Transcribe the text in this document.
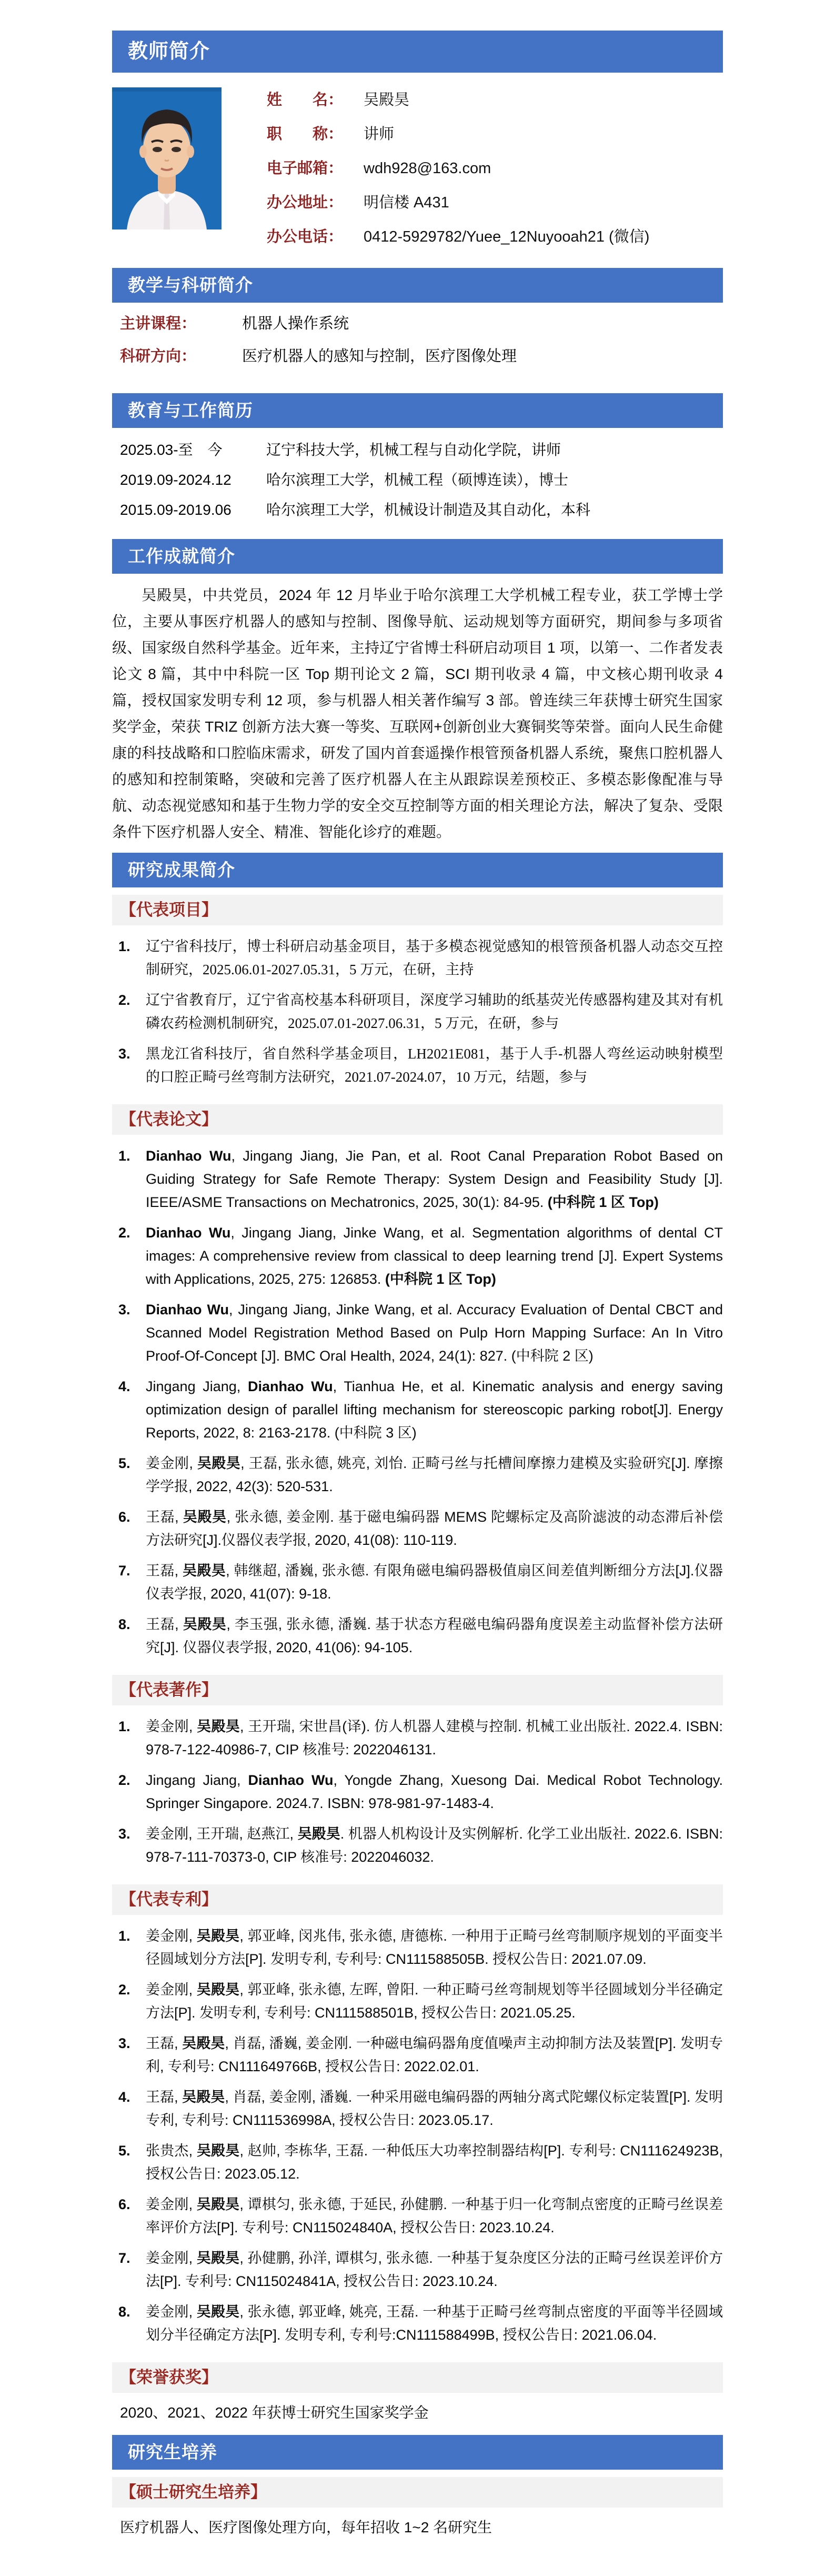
教师简介
姓　　名：	吴殿昊
职　　称：	讲师
电子邮箱：	wdh928@163.com
办公地址：	明信楼 A431
办公电话：	0412-5929782/Yuee_12Nuyooah21 (微信)
教学与科研简介
主讲课程：	机器人操作系统
科研方向：	医疗机器人的感知与控制，医疗图像处理
教育与工作简历
2025.03-至　今	辽宁科技大学，机械工程与自动化学院，讲师
2019.09-2024.12	哈尔滨理工大学，机械工程（硕博连读），博士
2015.09-2019.06	哈尔滨理工大学，机械设计制造及其自动化，本科
工作成就简介

吴殿昊，中共党员，2024 年 12 月毕业于哈尔滨理工大学机械工程专业，获工学博士学位，主要从事医疗机器人的感知与控制、图像导航、运动规划等方面研究，期间参与多项省级、国家级自然科学基金。近年来，主持辽宁省博士科研启动项目 1 项，以第一、二作者发表论文 8 篇，其中中科院一区 Top 期刊论文 2 篇，SCI 期刊收录 4 篇，中文核心期刊收录 4 篇，授权国家发明专利 12 项，参与机器人相关著作编写 3 部。曾连续三年获博士研究生国家奖学金，荣获 TRIZ 创新方法大赛一等奖、互联网+创新创业大赛铜奖等荣誉。面向人民生命健康的科技战略和口腔临床需求，研发了国内首套遥操作根管预备机器人系统，聚焦口腔机器人的感知和控制策略，突破和完善了医疗机器人在主从跟踪误差预校正、多模态影像配准与导航、动态视觉感知和基于生物力学的安全交互控制等方面的相关理论方法，解决了复杂、受限条件下医疗机器人安全、精准、智能化诊疗的难题。

研究成果简介
【代表项目】
1. 辽宁省科技厅，博士科研启动基金项目，基于多模态视觉感知的根管预备机器人动态交互控制研究，2025.06.01-2027.05.31，5 万元，在研，主持
2. 辽宁省教育厅，辽宁省高校基本科研项目，深度学习辅助的纸基荧光传感器构建及其对有机磷农药检测机制研究，2025.07.01-2027.06.31，5 万元，在研，参与
3. 黑龙江省科技厅，省自然科学基金项目，LH2021E081，基于人手-机器人弯丝运动映射模型的口腔正畸弓丝弯制方法研究，2021.07-2024.07，10 万元，结题，参与
【代表论文】
1. Dianhao Wu, Jingang Jiang, Jie Pan, et al. Root Canal Preparation Robot Based on Guiding Strategy for Safe Remote Therapy: System Design and Feasibility Study [J]. IEEE/ASME Transactions on Mechatronics, 2025, 30(1): 84-95. (中科院 1 区 Top)
2. Dianhao Wu, Jingang Jiang, Jinke Wang, et al. Segmentation algorithms of dental CT images: A comprehensive review from classical to deep learning trend [J]. Expert Systems with Applications, 2025, 275: 126853. (中科院 1 区 Top)
3. Dianhao Wu, Jingang Jiang, Jinke Wang, et al. Accuracy Evaluation of Dental CBCT and Scanned Model Registration Method Based on Pulp Horn Mapping Surface: An In Vitro Proof-Of-Concept [J]. BMC Oral Health, 2024, 24(1): 827. (中科院 2 区)
4. Jingang Jiang, Dianhao Wu, Tianhua He, et al. Kinematic analysis and energy saving optimization design of parallel lifting mechanism for stereoscopic parking robot[J]. Energy Reports, 2022, 8: 2163-2178. (中科院 3 区)
5. 姜金刚, 吴殿昊, 王磊, 张永德, 姚亮, 刘怡. 正畸弓丝与托槽间摩擦力建模及实验研究[J]. 摩擦学学报, 2022, 42(3): 520-531.
6. 王磊, 吴殿昊, 张永德, 姜金刚. 基于磁电编码器 MEMS 陀螺标定及高阶滤波的动态滞后补偿方法研究[J].仪器仪表学报, 2020, 41(08): 110-119.
7. 王磊, 吴殿昊, 韩继超, 潘巍, 张永德. 有限角磁电编码器极值扇区间差值判断细分方法[J].仪器仪表学报, 2020, 41(07): 9-18.
8. 王磊, 吴殿昊, 李玉强, 张永德, 潘巍. 基于状态方程磁电编码器角度误差主动监督补偿方法研究[J]. 仪器仪表学报, 2020, 41(06): 94-105.
【代表著作】
1. 姜金刚, 吴殿昊, 王开瑞, 宋世昌(译). 仿人机器人建模与控制. 机械工业出版社. 2022.4. ISBN: 978-7-122-40986-7, CIP 核准号: 2022046131.
2. Jingang Jiang, Dianhao Wu, Yongde Zhang, Xuesong Dai. Medical Robot Technology. Springer Singapore. 2024.7. ISBN: 978-981-97-1483-4.
3. 姜金刚, 王开瑞, 赵燕江, 吴殿昊. 机器人机构设计及实例解析. 化学工业出版社. 2022.6. ISBN: 978-7-111-70373-0, CIP 核准号: 2022046032.
【代表专利】
1. 姜金刚, 吴殿昊, 郭亚峰, 闵兆伟, 张永德, 唐德栋. 一种用于正畸弓丝弯制顺序规划的平面变半径圆域划分方法[P]. 发明专利, 专利号: CN111588505B. 授权公告日: 2021.07.09.
2. 姜金刚, 吴殿昊, 郭亚峰, 张永德, 左晖, 曾阳. 一种正畸弓丝弯制规划等半径圆域划分半径确定方法[P]. 发明专利, 专利号: CN111588501B, 授权公告日: 2021.05.25.
3. 王磊, 吴殿昊, 肖磊, 潘巍, 姜金刚. 一种磁电编码器角度值噪声主动抑制方法及装置[P]. 发明专利, 专利号: CN111649766B, 授权公告日: 2022.02.01.
4. 王磊, 吴殿昊, 肖磊, 姜金刚, 潘巍. 一种采用磁电编码器的两轴分离式陀螺仪标定装置[P]. 发明专利, 专利号: CN111536998A, 授权公告日: 2023.05.17.
5. 张贵杰, 吴殿昊, 赵帅, 李栋华, 王磊. 一种低压大功率控制器结构[P]. 专利号: CN111624923B, 授权公告日: 2023.05.12.
6. 姜金刚, 吴殿昊, 谭棋匀, 张永德, 于延民, 孙健鹏. 一种基于归一化弯制点密度的正畸弓丝误差率评价方法[P]. 专利号: CN115024840A, 授权公告日: 2023.10.24.
7. 姜金刚, 吴殿昊, 孙健鹏, 孙洋, 谭棋匀, 张永德. 一种基于复杂度区分法的正畸弓丝误差评价方法[P]. 专利号: CN115024841A, 授权公告日: 2023.10.24.
8. 姜金刚, 吴殿昊, 张永德, 郭亚峰, 姚亮, 王磊. 一种基于正畸弓丝弯制点密度的平面等半径圆域划分半径确定方法[P]. 发明专利, 专利号:CN111588499B, 授权公告日: 2021.06.04.
【荣誉获奖】
2020、2021、2022 年获博士研究生国家奖学金
研究生培养
【硕士研究生培养】
医疗机器人、医疗图像处理方向，每年招收 1~2 名研究生
